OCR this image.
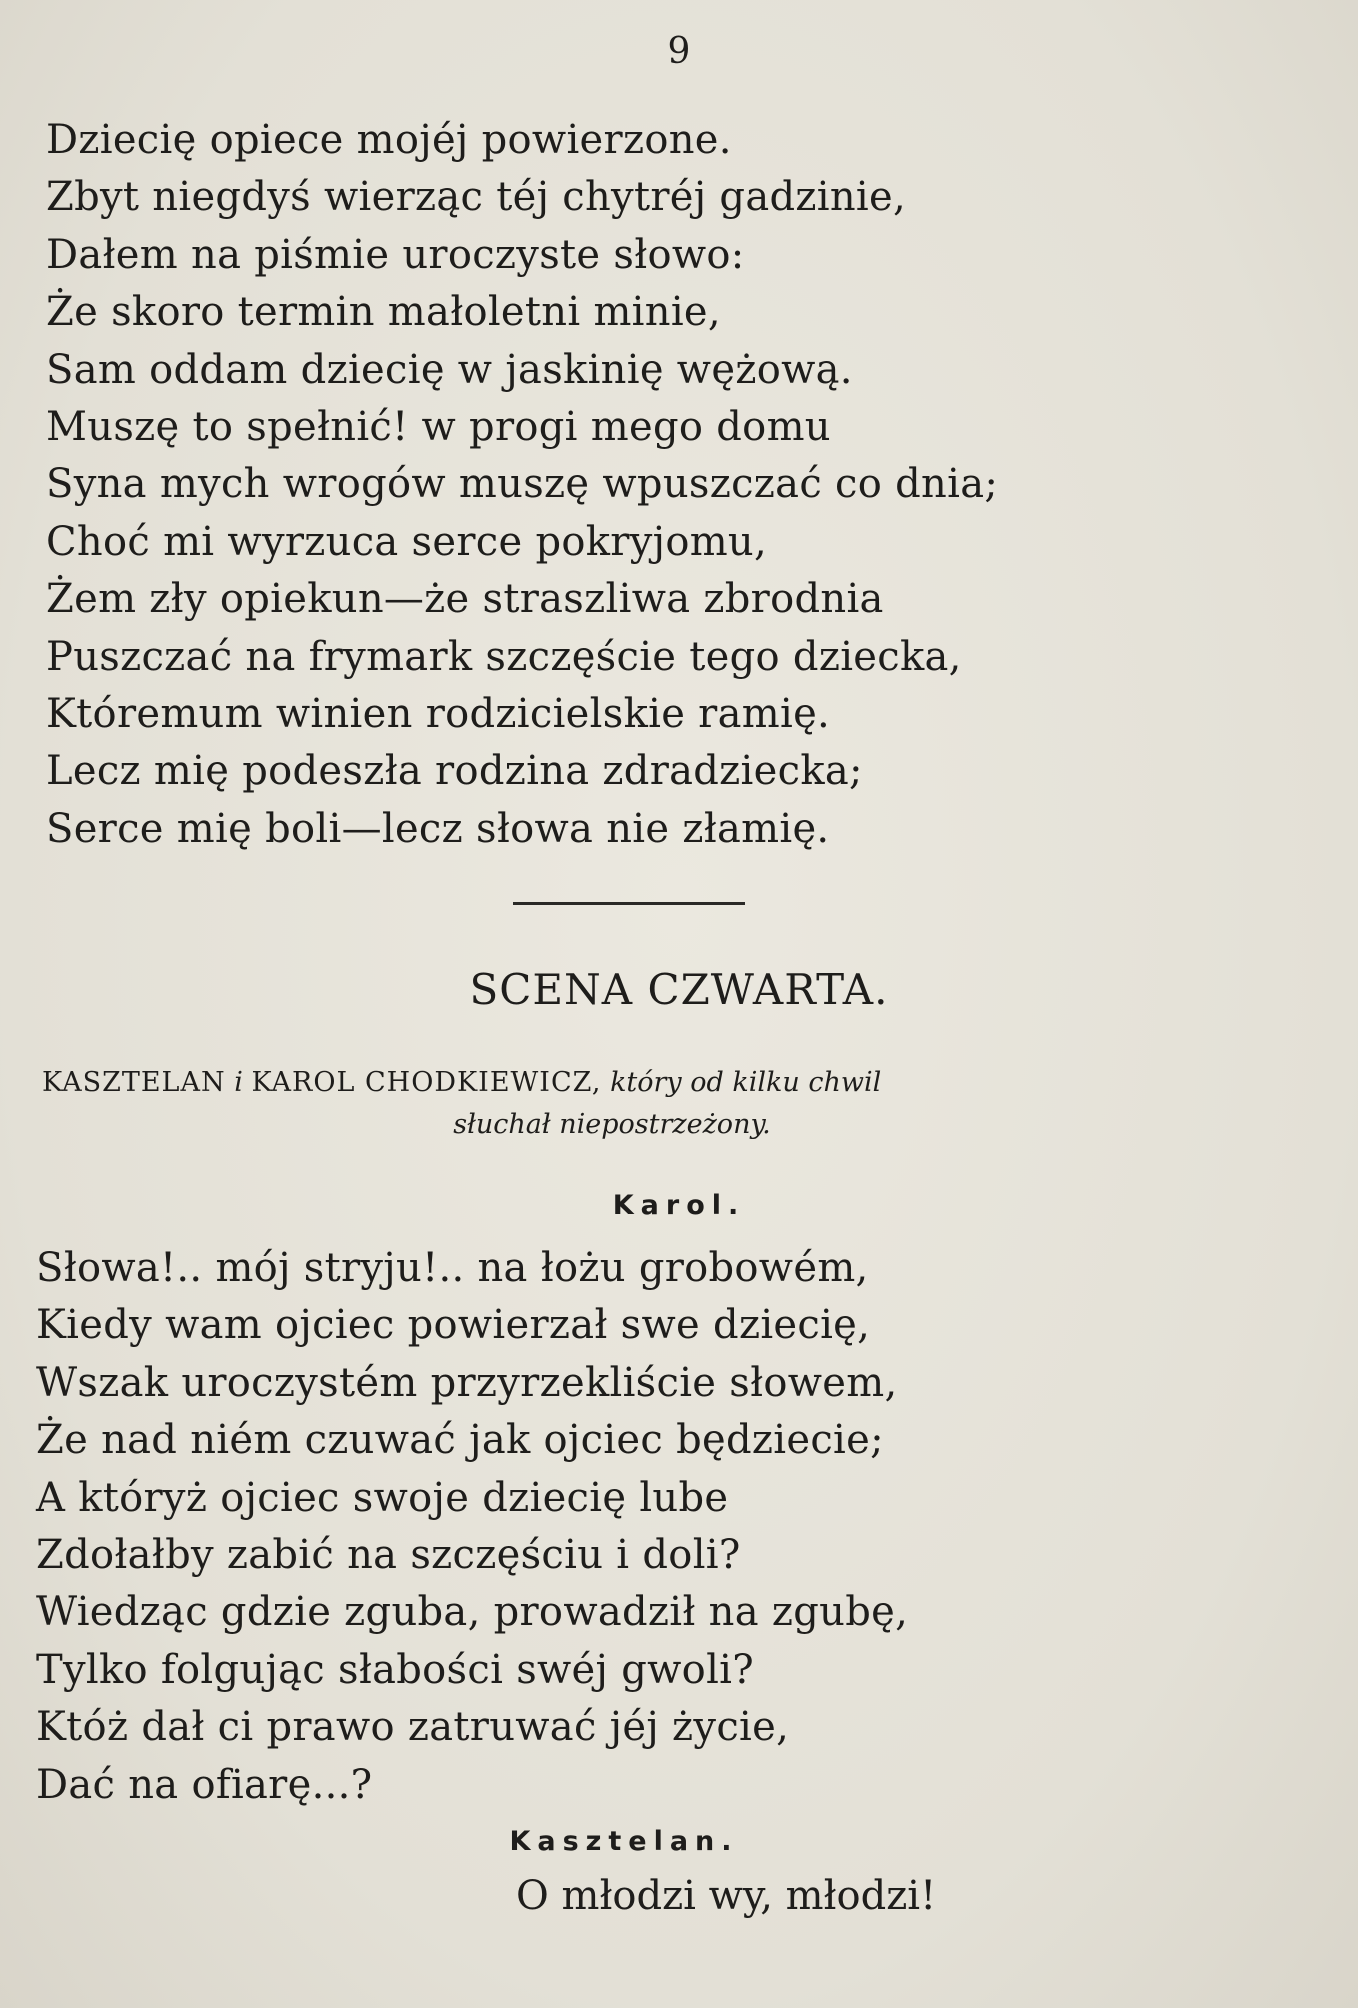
9
Dziecię opiece mojéj powierzone.
Zbyt niegdyś wierząc téj chytréj gadzinie,
Dałem na piśmie uroczyste słowo:
Że skoro termin małoletni minie,
Sam oddam dziecię w jaskinię wężową.
Muszę to spełnić! w progi mego domu
Syna mych wrogów muszę wpuszczać co dnia;
Choć mi wyrzuca serce pokryjomu,
Żem zły opiekun—że straszliwa zbrodnia
Puszczać na frymark szczęście tego dziecka,
Któremum winien rodzicielskie ramię.
Lecz mię podeszła rodzina zdradziecka;
Serce mię boli—lecz słowa nie złamię.
SCENA CZWARTA.
KASZTELAN i KAROL CHODKIEWICZ, który od kilku chwil
słuchał niepostrzeżony.
Karol.
Słowa!.. mój stryju!.. na łożu grobowém,
Kiedy wam ojciec powierzał swe dziecię,
Wszak uroczystém przyrzekliście słowem,
Że nad niém czuwać jak ojciec będziecie;
A któryż ojciec swoje dziecię lube
Zdołałby zabić na szczęściu i doli?
Wiedząc gdzie zguba, prowadził na zgubę,
Tylko folgując słabości swéj gwoli?
Któż dał ci prawo zatruwać jéj życie,
Dać na ofiarę...?
Kasztelan.
O młodzi wy, młodzi!
